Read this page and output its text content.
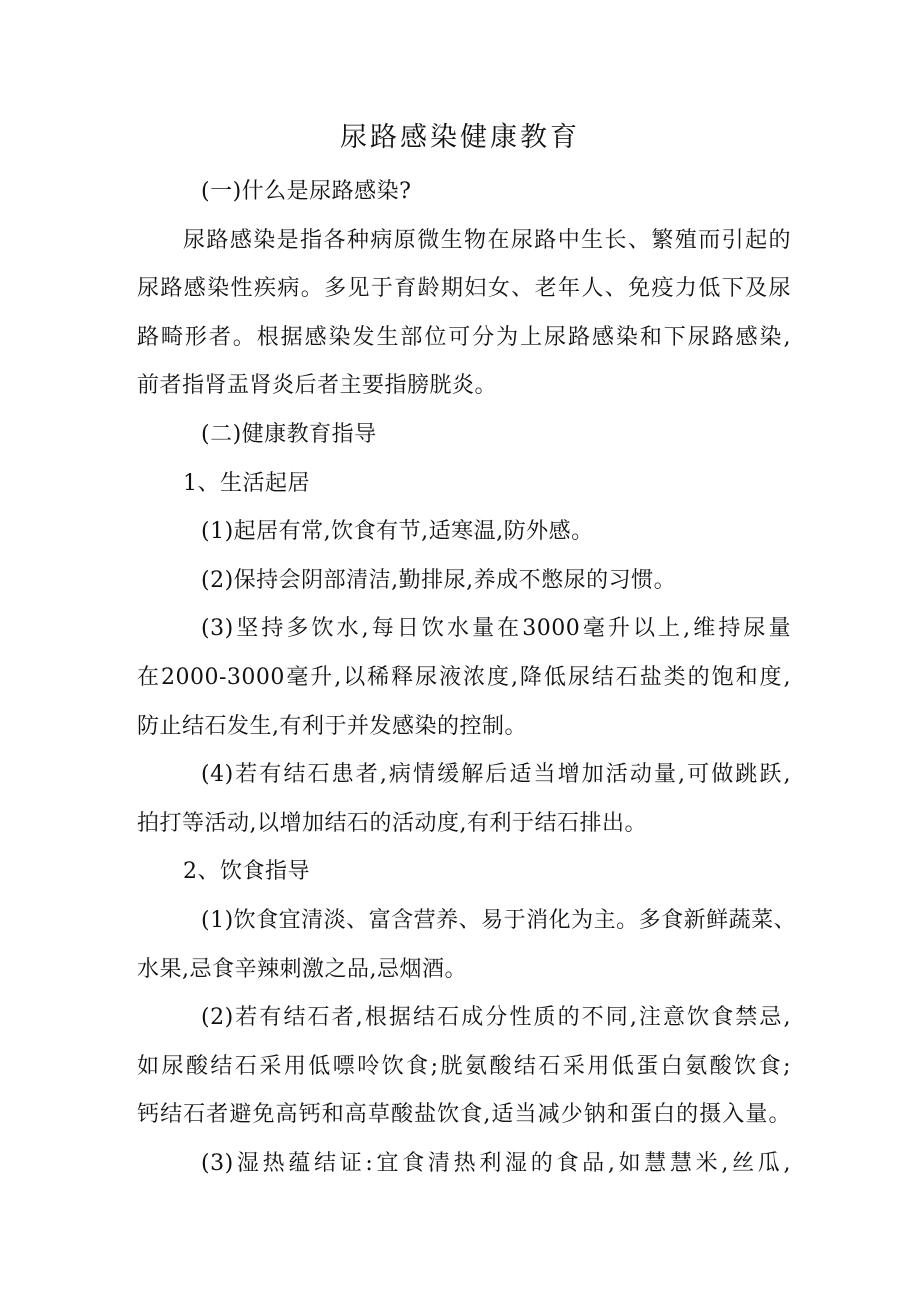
尿路感染健康教育
(一)什么是尿路感染?
尿路感染是指各种病原微生物在尿路中生长、繁殖而引起的
尿路感染性疾病。多见于育龄期妇女、老年人、免疫力低下及尿
路畸形者。根据感染发生部位可分为上尿路感染和下尿路感染,
前者指肾盂肾炎后者主要指膀胱炎。
(二)健康教育指导
1、生活起居
(1)起居有常,饮食有节,适寒温,防外感。
(2)保持会阴部清洁,勤排尿,养成不憋尿的习惯。
(3)坚持多饮水,每日饮水量在3000毫升以上,维持尿量
在2000-3000毫升,以稀释尿液浓度,降低尿结石盐类的饱和度,
防止结石发生,有利于并发感染的控制。
(4)若有结石患者,病情缓解后适当增加活动量,可做跳跃,
拍打等活动,以增加结石的活动度,有利于结石排出。
2、饮食指导
(1)饮食宜清淡、富含营养、易于消化为主。多食新鲜蔬菜、
水果,忌食辛辣刺激之品,忌烟酒。
(2)若有结石者,根据结石成分性质的不同,注意饮食禁忌,
如尿酸结石采用低嘌呤饮食;胱氨酸结石采用低蛋白氨酸饮食;
钙结石者避免高钙和高草酸盐饮食,适当减少钠和蛋白的摄入量。
(3)湿热蕴结证:宜食清热利湿的食品,如慧慧米,丝瓜,
